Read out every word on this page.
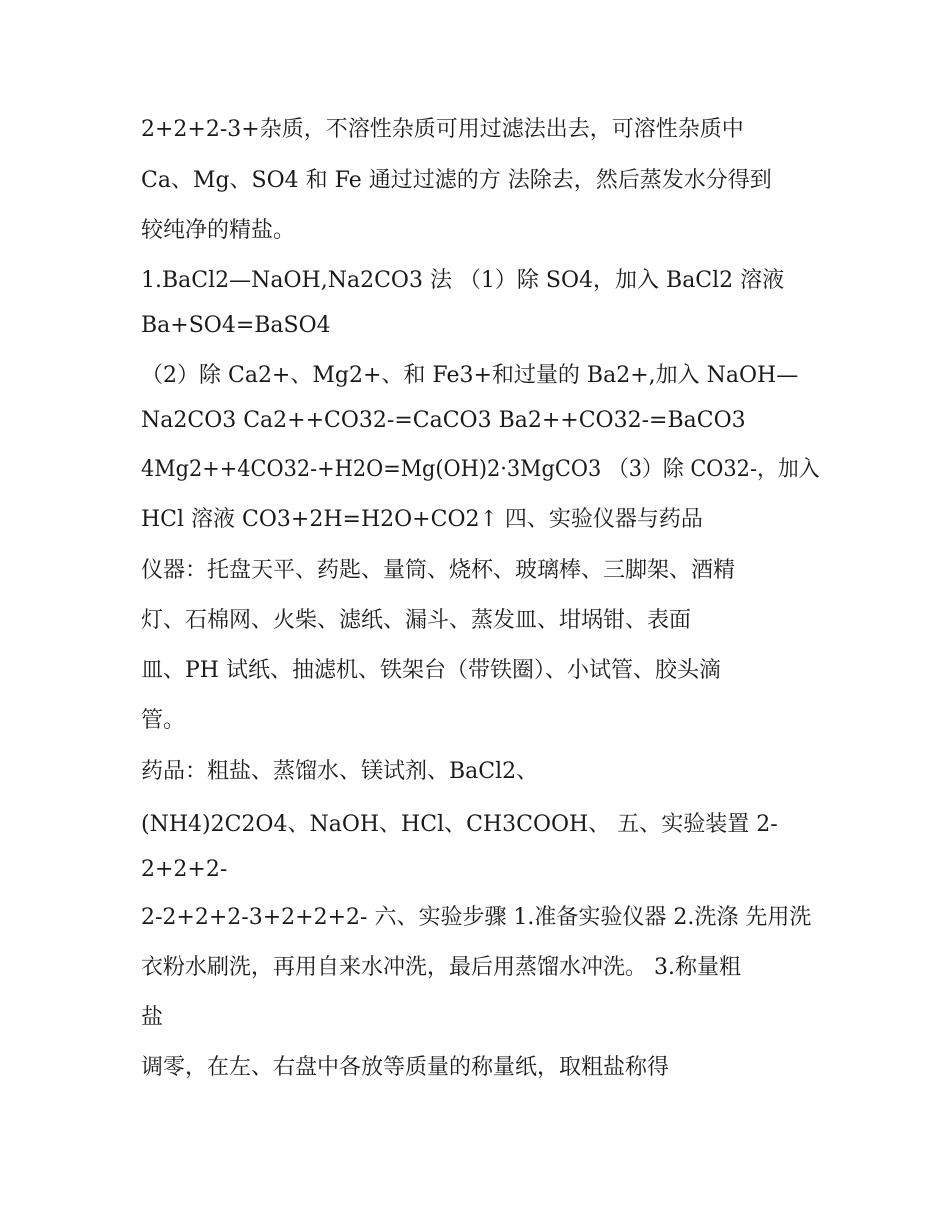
2+2+2-3+杂质，不溶性杂质可用过滤法出去，可溶性杂质中

Ca、Mg、SO4 和 Fe 通过过滤的方 法除去，然后蒸发水分得到

较纯净的精盐。

1.BaCl2—NaOH,Na2CO3 法 （1）除 SO4，加入 BaCl2 溶液

Ba+SO4=BaSO4

（2）除 Ca2+、Mg2+、和 Fe3+和过量的 Ba2+,加入 NaOH—

Na2CO3 Ca2++CO32-=CaCO3 Ba2++CO32-=BaCO3

4Mg2++4CO32-+H2O=Mg(OH)2·3MgCO3 （3）除 CO32-，加入

HCl 溶液 CO3+2H=H2O+CO2↑ 四、实验仪器与药品

仪器：托盘天平、药匙、量筒、烧杯、玻璃棒、三脚架、酒精

灯、石棉网、火柴、滤纸、漏斗、蒸发皿、坩埚钳、表面

皿、PH 试纸、抽滤机、铁架台（带铁圈）、小试管、胶头滴

管。

药品：粗盐、蒸馏水、镁试剂、BaCl2、

(NH4)2C2O4、NaOH、HCl、CH3COOH、 五、实验装置 2-

2+2+2-

2-2+2+2-3+2+2+2- 六、实验步骤 1.准备实验仪器 2.洗涤 先用洗

衣粉水刷洗，再用自来水冲洗，最后用蒸馏水冲洗。 3.称量粗

盐

调零，在左、右盘中各放等质量的称量纸，取粗盐称得
